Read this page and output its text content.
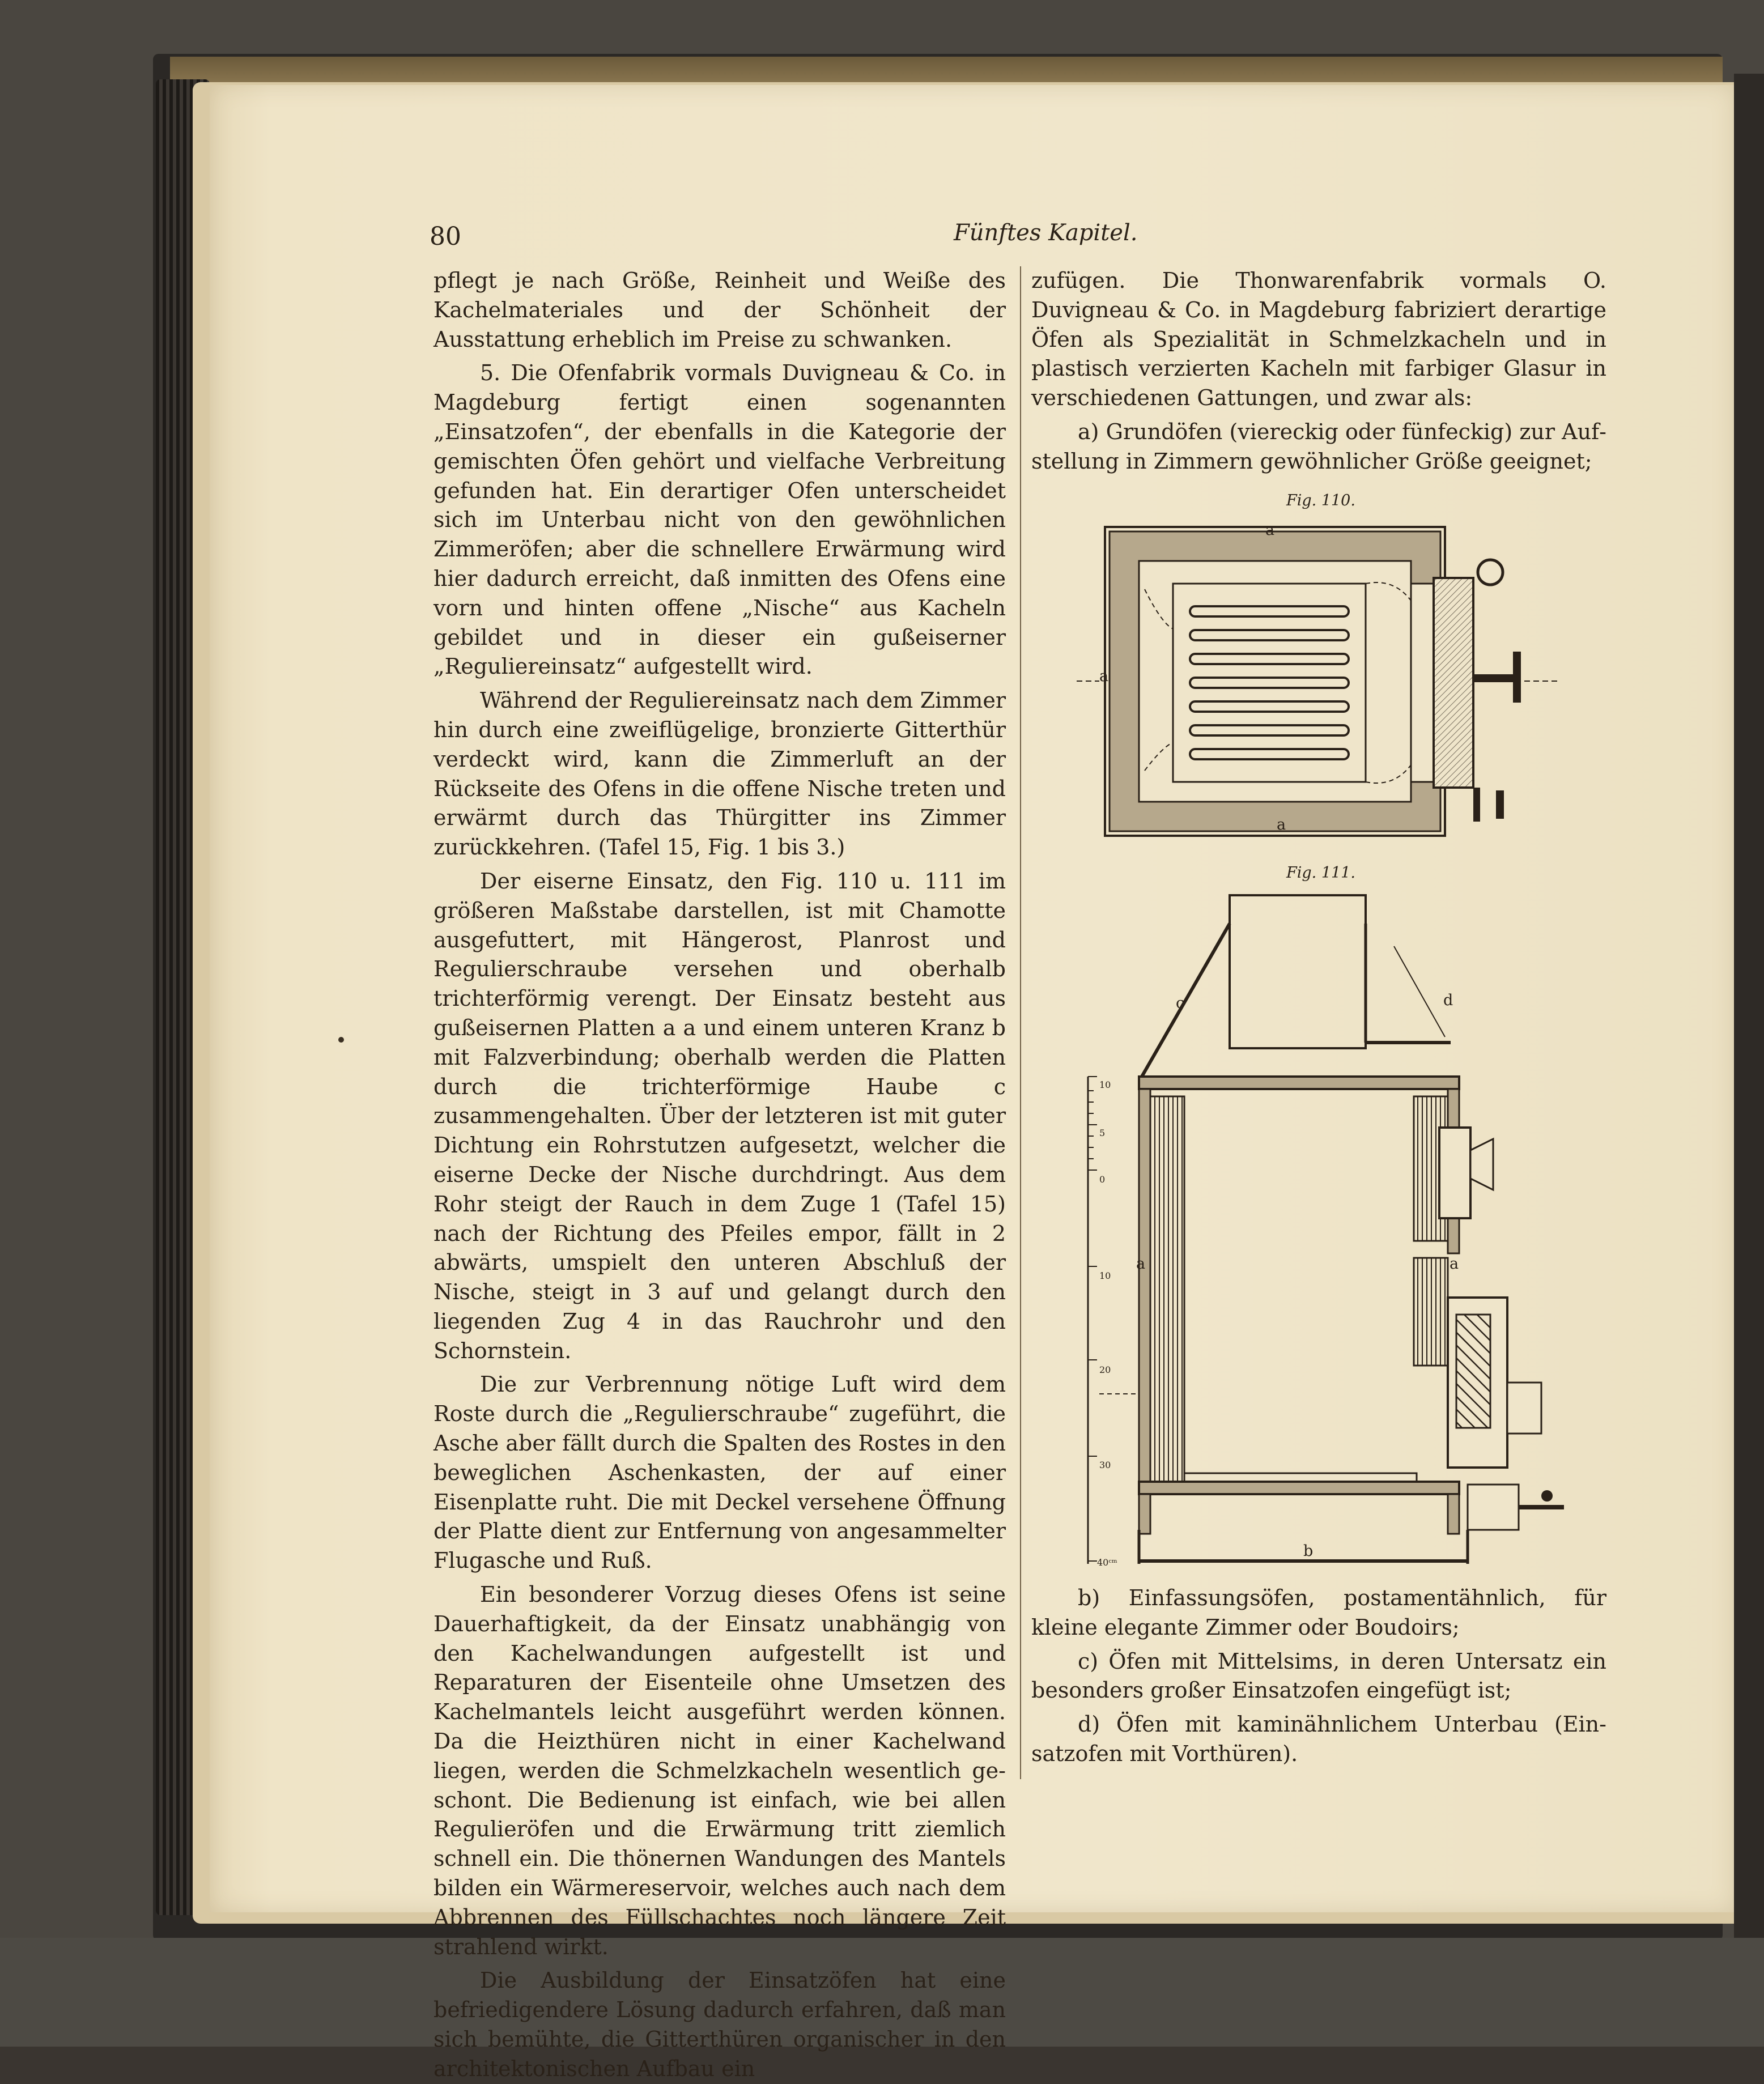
80	Fünftes Kapitel.

pflegt je nach Größe, Reinheit und Weiße des Kachelmateriales und der Schönheit der Ausstattung erheblich im Preise zu schwanken.

5. Die Ofenfabrik vormals Duvigneau & Co. in Magdeburg fertigt einen sogenannten „Einsatzofen“, der ebenfalls in die Kategorie der gemischten Öfen gehört und vielfache Verbreitung gefunden hat. Ein derartiger Ofen unterscheidet sich im Unterbau nicht von den gewöhnlichen Zimmeröfen; aber die schnellere Erwärmung wird hier dadurch erreicht, daß inmitten des Ofens eine vorn und hinten offene „Nische“ aus Kacheln gebildet und in dieser ein gußeiserner „Reguliereinsatz“ aufgestellt wird.

Während der Reguliereinsatz nach dem Zimmer hin durch eine zweiflügelige, bronzierte Gitterthür verdeckt wird, kann die Zimmerluft an der Rückseite des Ofens in die offene Nische treten und erwärmt durch das Thürgitter ins Zimmer zurückkehren. (Tafel 15, Fig. 1 bis 3.)

Der eiserne Einsatz, den Fig. 110 u. 111 im größeren Maßstabe darstellen, ist mit Chamotte ausgefuttert, mit Hängerost, Planrost und Regulierschraube versehen und oberhalb trichterförmig verengt. Der Einsatz besteht aus gußeisernen Platten a a und einem unteren Kranz b mit Falzverbindung; oberhalb werden die Platten durch die trichterförmige Haube c zusammengehalten. Über der letzteren ist mit guter Dichtung ein Rohrstutzen aufgesetzt, welcher die eiserne Decke der Nische durchdringt. Aus dem Rohr steigt der Rauch in dem Zuge 1 (Tafel 15) nach der Richtung des Pfeiles empor, fällt in 2 abwärts, umspielt den unteren Abschluß der Nische, steigt in 3 auf und gelangt durch den liegenden Zug 4 in das Rauchrohr und den Schornstein.

Die zur Verbrennung nötige Luft wird dem Roste durch die „Regulierschraube“ zugeführt, die Asche aber fällt durch die Spalten des Rostes in den beweglichen Aschenkasten, der auf einer Eisenplatte ruht. Die mit Deckel versehene Öffnung der Platte dient zur Entfernung von angesammelter Flugasche und Ruß.

Ein besonderer Vorzug dieses Ofens ist seine Dauerhaftigkeit, da der Einsatz unabhängig von den Kachelwandungen aufgestellt ist und Reparaturen der Eisenteile ohne Umsetzen des Kachelmantels leicht ausgeführt werden können. Da die Heizthüren nicht in einer Kachelwand liegen, werden die Schmelzkacheln wesentlich geschont. Die Bedienung ist einfach, wie bei allen Regulieröfen und die Erwärmung tritt ziemlich schnell ein. Die thönernen Wandungen des Mantels bilden ein Wärmereservoir, welches auch nach dem Abbrennen des Füllschachtes noch längere Zeit strahlend wirkt.

Die Ausbildung der Einsatzöfen hat eine befriedigendere Lösung dadurch erfahren, daß man sich bemühte, die Gitterthüren organischer in den architektonischen Aufbau ein

zufügen. Die Thonwarenfabrik vormals O. Duvigneau & Co. in Magdeburg fabriziert derartige Öfen als Spezialität in Schmelzkacheln und in plastisch verzierten Kacheln mit farbiger Glasur in verschiedenen Gattungen, und zwar als:

a) Grundöfen (viereckig oder fünfeckig) zur Aufstellung in Zimmern gewöhnlicher Größe geeignet;

Fig. 110.
a
a
a
Fig. 111.
c	d
a	a
b
10
5
0
10
20
30
40ᶜᵐ

b) Einfassungsöfen, postamentähnlich, für kleine elegante Zimmer oder Boudoirs;

c) Öfen mit Mittelsims, in deren Untersatz ein besonders großer Einsatzofen eingefügt ist;

d) Öfen mit kaminähnlichem Unterbau (Einsatzofen mit Vorthüren).
